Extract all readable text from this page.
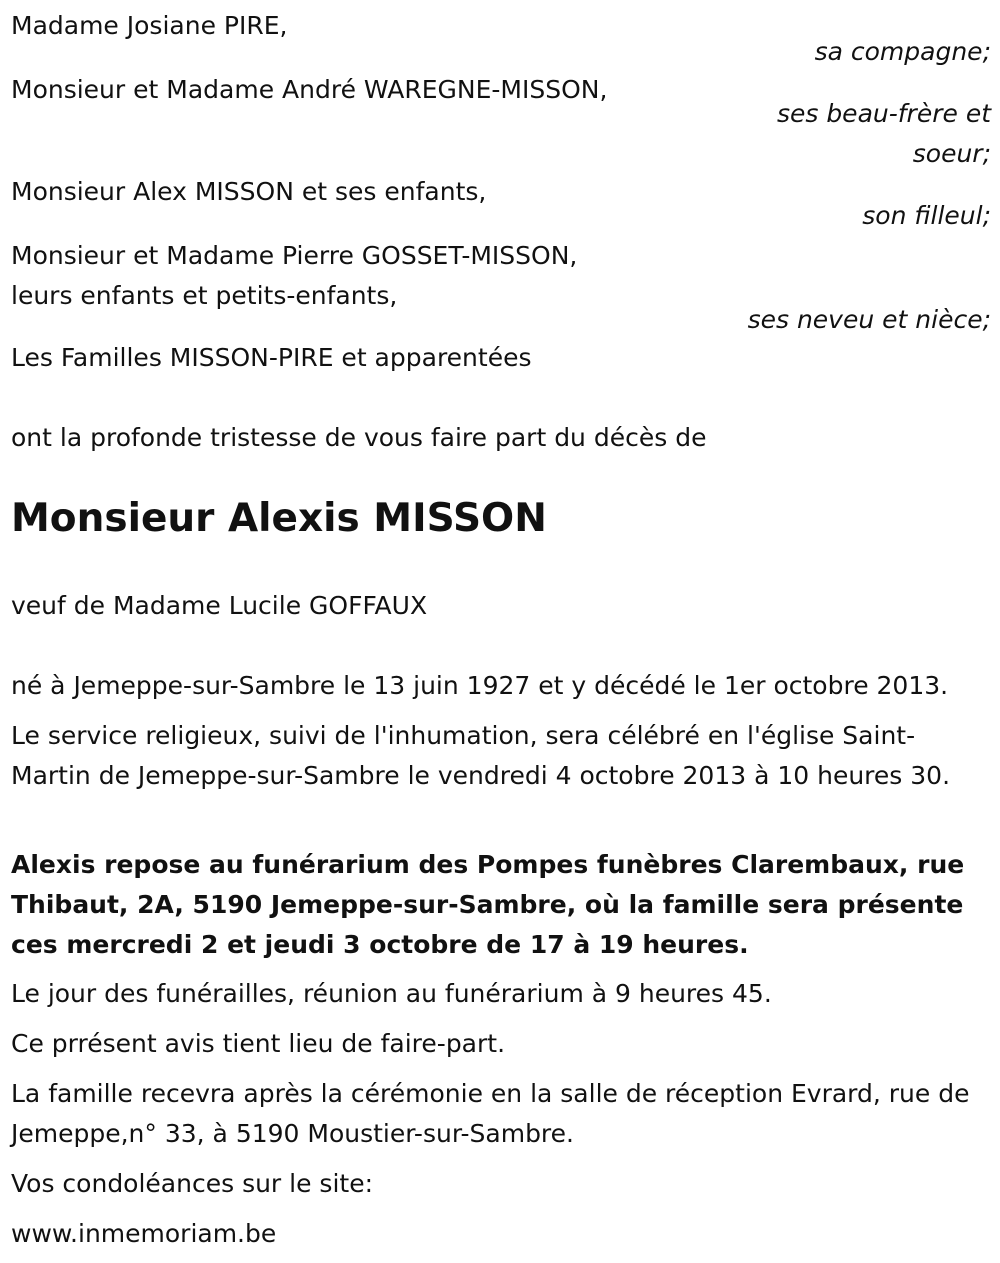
Madame Josiane PIRE,
sa compagne;
Monsieur et Madame André WAREGNE-MISSON,
ses beau-frère et
soeur;
Monsieur Alex MISSON et ses enfants,
son filleul;
Monsieur et Madame Pierre GOSSET-MISSON,
leurs enfants et petits-enfants,
ses neveu et nièce;
Les Familles MISSON-PIRE et apparentées
ont la profonde tristesse de vous faire part du décès de
Monsieur Alexis MISSON
veuf de Madame Lucile GOFFAUX
né à Jemeppe-sur-Sambre le 13 juin 1927 et y décédé le 1er octobre 2013.
Le service religieux, suivi de l'inhumation, sera célébré en l'église Saint-Martin de Jemeppe-sur-Sambre le vendredi 4 octobre 2013 à 10 heures 30.
Alexis repose au funérarium des Pompes funèbres Clarembaux, rue Thibaut, 2A, 5190 Jemeppe-sur-Sambre, où la famille sera présente ces mercredi 2 et jeudi 3 octobre de 17 à 19 heures.
Le jour des funérailles, réunion au funérarium à 9 heures 45.
Ce prrésent avis tient lieu de faire-part.
La famille recevra après la cérémonie en la salle de réception Evrard, rue de Jemeppe,n° 33, à 5190 Moustier-sur-Sambre.
Vos condoléances sur le site:
www.inmemoriam.be
